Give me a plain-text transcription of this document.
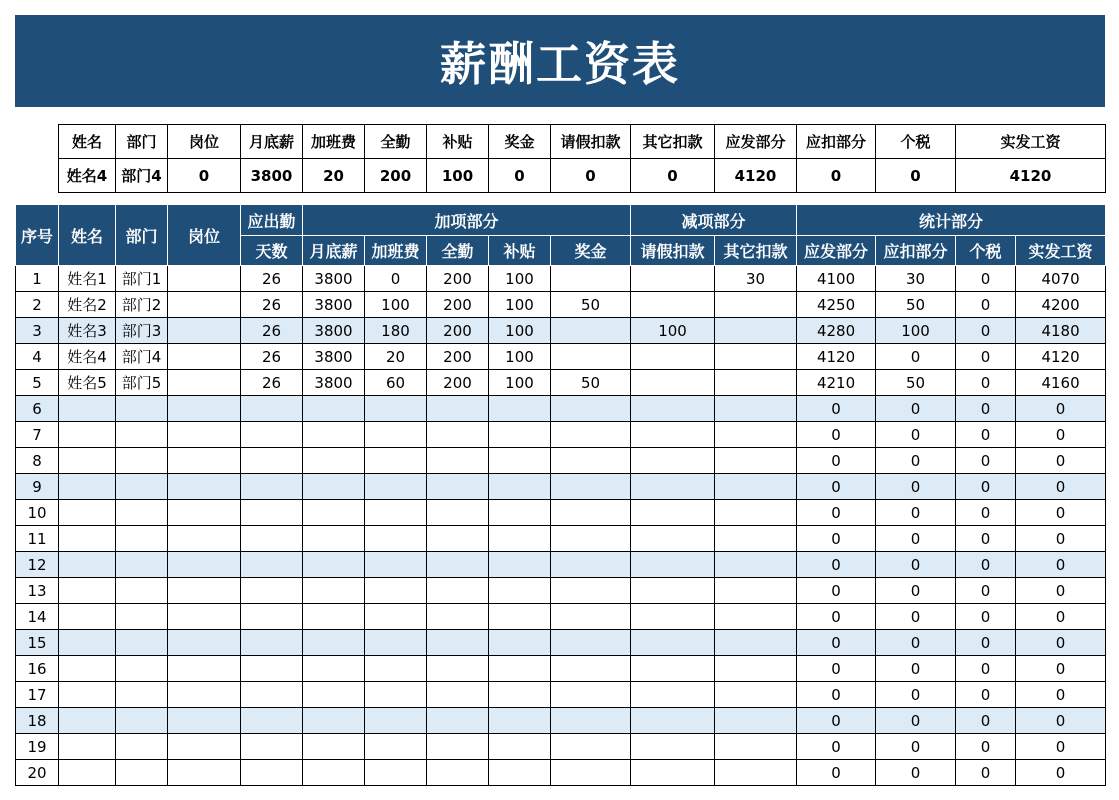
薪酬工资表
姓名	部门	岗位	月底薪	加班费	全勤	补贴	奖金	请假扣款	其它扣款	应发部分	应扣部分	个税	实发工资
姓名4	部门4	0	3800	20	200	100	0	0	0	4120	0	0	4120
序号	姓名	部门	岗位	应出勤	加项部分					减项部分		统计部分			
				天数	月底薪	加班费	全勤	补贴	奖金	请假扣款	其它扣款	应发部分	应扣部分	个税	实发工资
1	姓名1	部门1		26	3800	0	200	100			30	4100	30	0	4070
2	姓名2	部门2		26	3800	100	200	100	50			4250	50	0	4200
3	姓名3	部门3		26	3800	180	200	100		100		4280	100	0	4180
4	姓名4	部门4		26	3800	20	200	100				4120	0	0	4120
5	姓名5	部门5		26	3800	60	200	100	50			4210	50	0	4160
6												0	0	0	0
7												0	0	0	0
8												0	0	0	0
9												0	0	0	0
10												0	0	0	0
11												0	0	0	0
12												0	0	0	0
13												0	0	0	0
14												0	0	0	0
15												0	0	0	0
16												0	0	0	0
17												0	0	0	0
18												0	0	0	0
19												0	0	0	0
20												0	0	0	0
